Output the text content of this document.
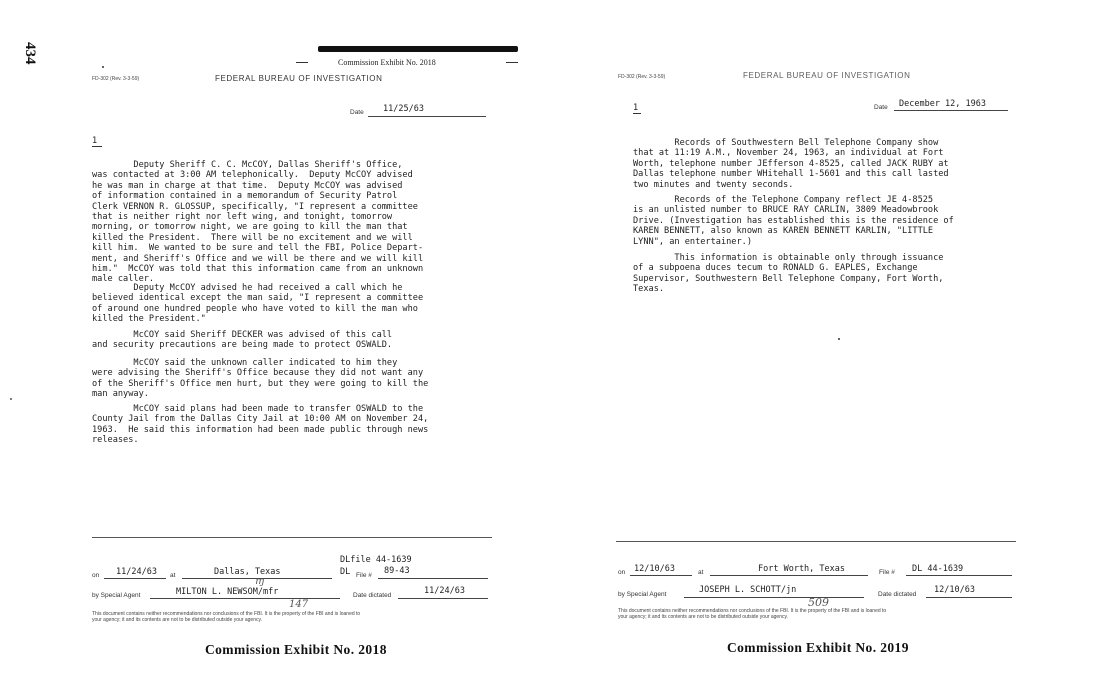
434	Commission Exhibit No. 2018
FD-302 (Rev. 3-3-59)	FEDERAL BUREAU OF INVESTIGATION
Date 11/25/63
1
Deputy Sheriff C. C. McCOY, Dallas Sheriff's Office,
was contacted at 3:00 AM telephonically.  Deputy McCOY advised
he was man in charge at that time.  Deputy McCOY was advised
of information contained in a memorandum of Security Patrol
Clerk VERNON R. GLOSSUP, specifically, "I represent a committee
that is neither right nor left wing, and tonight, tomorrow
morning, or tomorrow night, we are going to kill the man that
killed the President.  There will be no excitement and we will
kill him.  We wanted to be sure and tell the FBI, Police Depart-
ment, and Sheriff's Office and we will be there and we will kill
him."  McCOY was told that this information came from an unknown
male caller.
Deputy McCOY advised he had received a call which he
believed identical except the man said, "I represent a committee
of around one hundred people who have voted to kill the man who
killed the President."
McCOY said Sheriff DECKER was advised of this call
and security precautions are being made to protect OSWALD.
McCOY said the unknown caller indicated to him they
were advising the Sheriff's Office because they did not want any
of the Sheriff's Office men hurt, but they were going to kill the
man anyway.
McCOY said plans had been made to transfer OSWALD to the
County Jail from the Dallas City Jail at 10:00 AM on November 24,
1963.  He said this information had been made public through news
releases.
DLfile 44-1639
on 11/24/63 at	Dallas, Texas	DL File # 89-43
ɱ
by Special Agent	MILTON L. NEWSOM/mfr	Date dictated	11/24/63
147
This document contains neither recommendations nor conclusions of the FBI. It is the property of the FBI and is loaned to
your agency; it and its contents are not to be distributed outside your agency.
Commission Exhibit No. 2018
FD-302 (Rev. 3-3-59)	FEDERAL BUREAU OF INVESTIGATION
Date December 12, 1963
1
Records of Southwestern Bell Telephone Company show
that at 11:19 A.M., November 24, 1963, an individual at Fort
Worth, telephone number JEfferson 4-8525, called JACK RUBY at
Dallas telephone number WHitehall 1-5601 and this call lasted
two minutes and twenty seconds.
Records of the Telephone Company reflect JE 4-8525
is an unlisted number to BRUCE RAY CARLIN, 3809 Meadowbrook
Drive. (Investigation has established this is the residence of
KAREN BENNETT, also known as KAREN BENNETT KARLIN, "LITTLE
LYNN", an entertainer.)
This information is obtainable only through issuance
of a subpoena duces tecum to RONALD G. EAPLES, Exchange
Supervisor, Southwestern Bell Telephone Company, Fort Worth,
Texas.
on 12/10/63	at	Fort Worth, Texas	File # DL 44-1639
by Special Agent	JOSEPH L. SCHOTT/jn	Date dictated 12/10/63
509
This document contains neither recommendations nor conclusions of the FBI. It is the property of the FBI and is loaned to
your agency; it and its contents are not to be distributed outside your agency.
Commission Exhibit No. 2019
